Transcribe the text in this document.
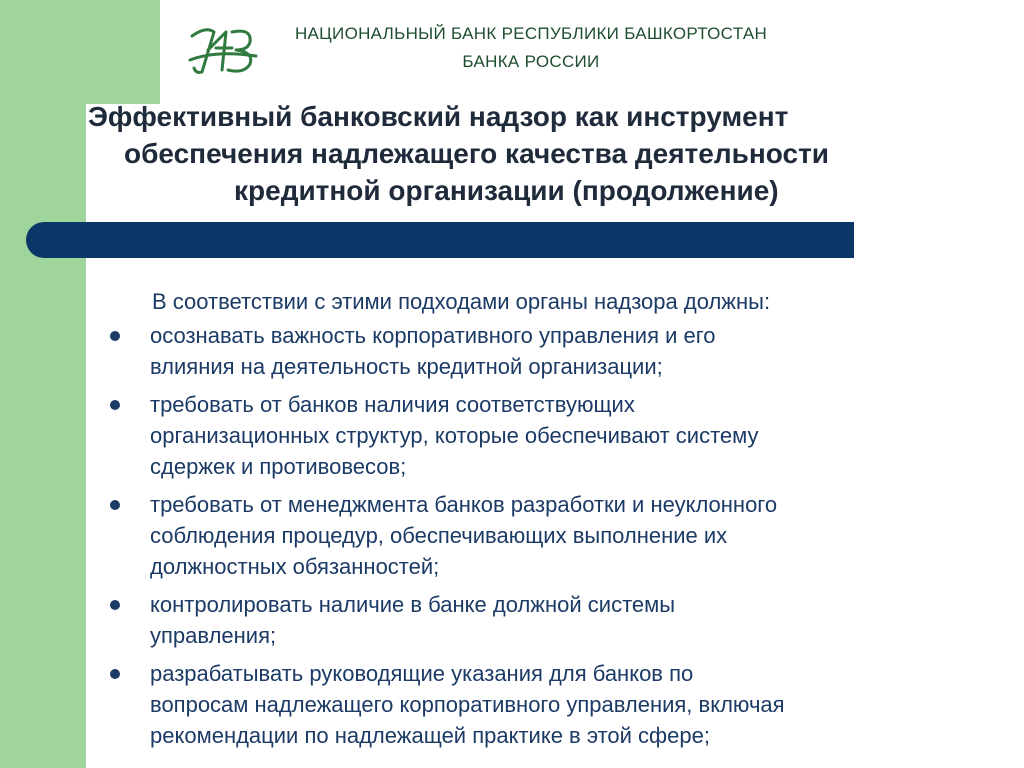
НАЦИОНАЛЬНЫЙ БАНК РЕСПУБЛИКИ БАШКОРТОСТАН
БАНКА РОССИИ
Эффективный банковский надзор как инструмент
обеспечения надлежащего качества деятельности
кредитной организации (продолжение)
В соответствии с этими подходами органы надзора должны:
осознавать важность корпоративного управления и его
влияния на деятельность кредитной организации;
требовать от банков наличия соответствующих
организационных структур, которые обеспечивают систему
сдержек и противовесов;
требовать от менеджмента банков разработки и неуклонного
соблюдения процедур, обеспечивающих выполнение их
должностных обязанностей;
контролировать наличие в банке должной системы
управления;
разрабатывать руководящие указания для банков по
вопросам надлежащего корпоративного управления, включая
рекомендации по надлежащей практике в этой сфере;
